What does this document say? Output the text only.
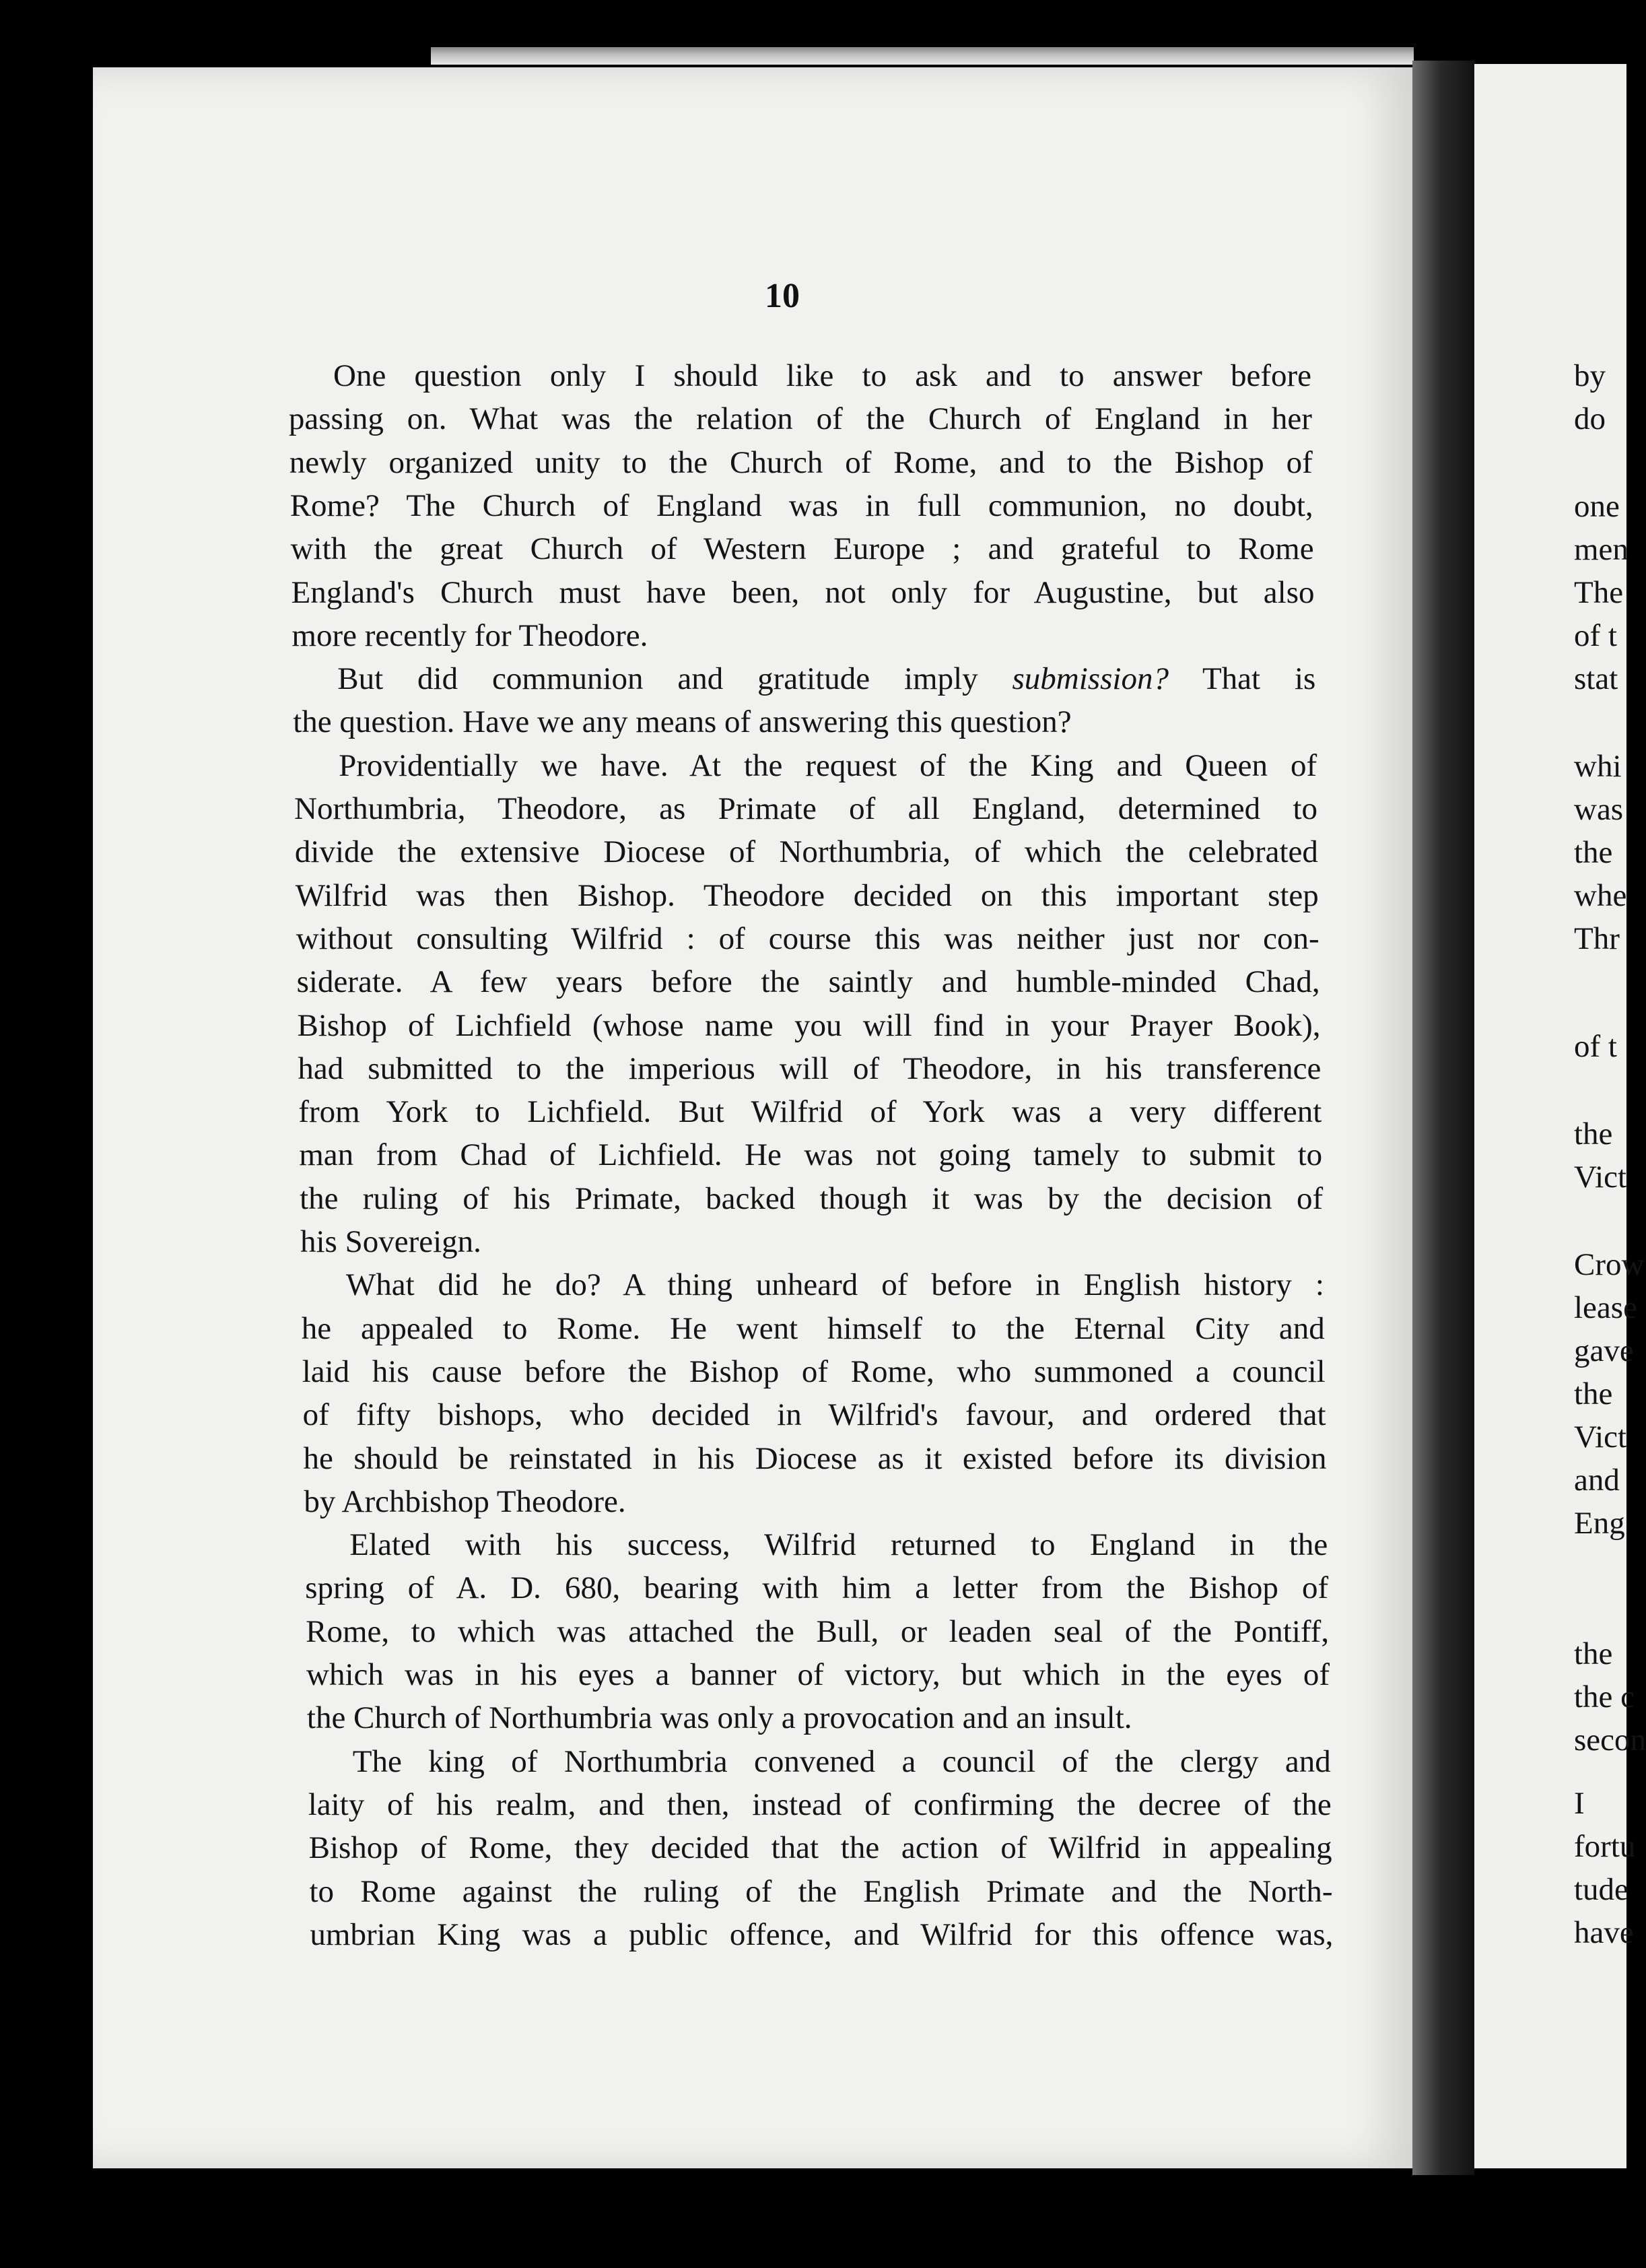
10
One question only I should like to ask and to answer before
passing on. What was the relation of the Church of England in her
newly organized unity to the Church of Rome, and to the Bishop of
Rome? The Church of England was in full communion, no doubt,
with the great Church of Western Europe ; and grateful to Rome
England's Church must have been, not only for Augustine, but also
more recently for Theodore.
But did communion and gratitude imply submission? That is
the question. Have we any means of answering this question?
Providentially we have. At the request of the King and Queen of
Northumbria, Theodore, as Primate of all England, determined to
divide the extensive Diocese of Northumbria, of which the celebrated
Wilfrid was then Bishop. Theodore decided on this important step
without consulting Wilfrid : of course this was neither just nor con-
siderate. A few years before the saintly and humble-minded Chad,
Bishop of Lichfield (whose name you will find in your Prayer Book),
had submitted to the imperious will of Theodore, in his transference
from York to Lichfield. But Wilfrid of York was a very different
man from Chad of Lichfield. He was not going tamely to submit to
the ruling of his Primate, backed though it was by the decision of
his Sovereign.
What did he do? A thing unheard of before in English history :
he appealed to Rome. He went himself to the Eternal City and
laid his cause before the Bishop of Rome, who summoned a council
of fifty bishops, who decided in Wilfrid's favour, and ordered that
he should be reinstated in his Diocese as it existed before its division
by Archbishop Theodore.
Elated with his success, Wilfrid returned to England in the
spring of A. D. 680, bearing with him a letter from the Bishop of
Rome, to which was attached the Bull, or leaden seal of the Pontiff,
which was in his eyes a banner of victory, but which in the eyes of
the Church of Northumbria was only a provocation and an insult.
The king of Northumbria convened a council of the clergy and
laity of his realm, and then, instead of confirming the decree of the
Bishop of Rome, they decided that the action of Wilfrid in appealing
to Rome against the ruling of the English Primate and the North-
umbrian King was a public offence, and Wilfrid for this offence was,
by
do
one
men
The
of t
stat
whi
was
the
whe
Thr
of t
the
Vict
Crow
lease
gave
the
Vict
and
Eng
the
the c
secon
I
fortu
tude
have
